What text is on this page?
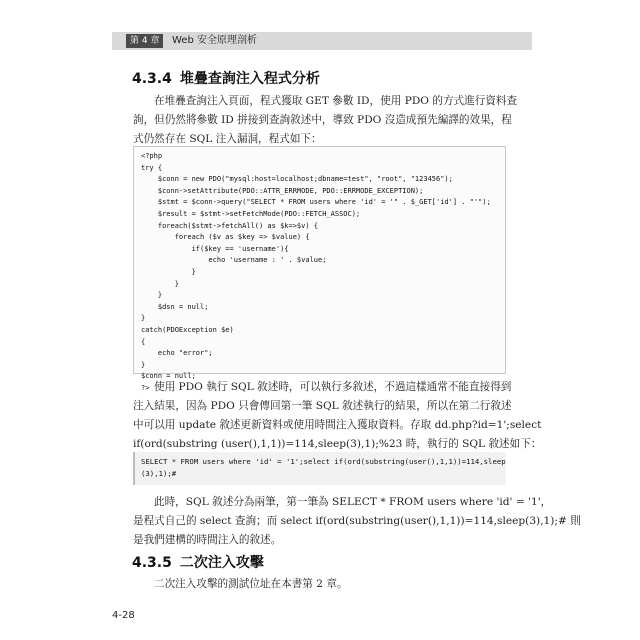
第 4 章	Web 安全原理剖析
4.3.4 堆疊查詢注入程式分析
在堆疊查詢注入頁面，程式獲取 GET 參數 ID，使用 PDO 的方式進行資料查
詢，但仍然將參數 ID 拼接到查詢敘述中，導致 PDO 沒造成預先編譯的效果，程
式仍然存在 SQL 注入漏洞，程式如下：
<?php
try {
$conn = new PDO("mysql:host=localhost;dbname=test", "root", "123456");
$conn->setAttribute(PDO::ATTR_ERRMODE, PDO::ERRMODE_EXCEPTION);
$stmt = $conn->query("SELECT * FROM users where 'id' = '" . $_GET['id'] . "'");
$result = $stmt->setFetchMode(PDO::FETCH_ASSOC);
foreach($stmt->fetchAll() as $k=>$v) {
foreach ($v as $key => $value) {
if($key == 'username'){
echo 'username : ' . $value;
}
}
}
$dsn = null;
}
catch(PDOException $e)
{
echo "error";
}
$conn = null;
?> 使用 PDO 執行 SQL 敘述時，可以執行多敘述，不過這樣通常不能直接得到
注入結果，因為 PDO 只會傳回第一筆 SQL 敘述執行的結果，所以在第二行敘述
中可以用 update 敘述更新資料或使用時間注入獲取資料。存取 dd.php?id=1';select
if(ord(substring (user(),1,1))=114,sleep(3),1);%23 時，執行的 SQL 敘述如下：
SELECT * FROM users where 'id' = '1';select if(ord(substring(user(),1,1))=114,sleep
(3),1);#
此時，SQL 敘述分為兩筆，第一筆為 SELECT * FROM users where 'id' = '1'，
是程式自己的 select 查詢；而 select if(ord(substring(user(),1,1))=114,sleep(3),1);# 則
是我們建構的時間注入的敘述。
4.3.5 二次注入攻擊
二次注入攻擊的測試位址在本書第 2 章。
4-28
